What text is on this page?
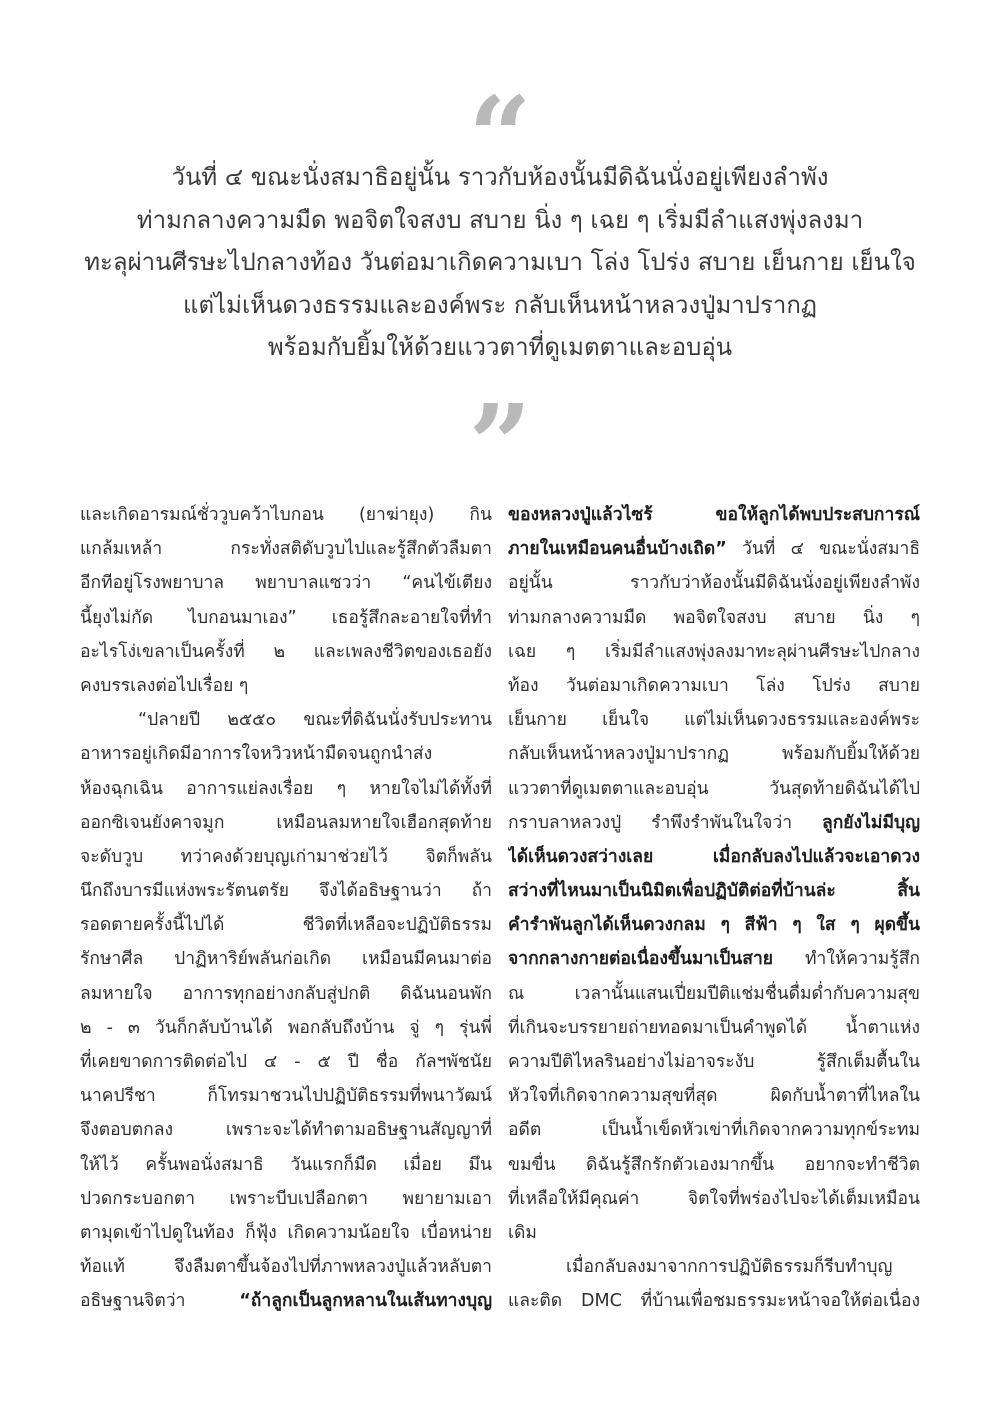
“
วันที่ ๔ ขณะนั่งสมาธิอยู่นั้น ราวกับห้องนั้นมีดิฉันนั่งอยู่เพียงลำพัง
ท่ามกลางความมืด พอจิตใจสงบ สบาย นิ่ง ๆ เฉย ๆ เริ่มมีลำแสงพุ่งลงมา
ทะลุผ่านศีรษะไปกลางท้อง วันต่อมาเกิดความเบา โล่ง โปร่ง สบาย เย็นกาย เย็นใจ
แต่ไม่เห็นดวงธรรมและองค์พระ กลับเห็นหน้าหลวงปู่มาปรากฏ
พร้อมกับยิ้มให้ด้วยแววตาที่ดูเมตตาและอบอุ่น
”
และเกิดอารมณ์ชั่ววูบคว้าไบกอน (ยาฆ่ายุง) กิน
แกล้มเหล้า กระทั่งสติดับวูบไปและรู้สึกตัวลืมตา
อีกทีอยู่โรงพยาบาล พยาบาลแซวว่า “คนไข้เตียง
นี้ยุงไม่กัด ไบกอนมาเอง” เธอรู้สึกละอายใจที่ทำ
อะไรโง่เขลาเป็นครั้งที่ ๒ และเพลงชีวิตของเธอยัง
คงบรรเลงต่อไปเรื่อย ๆ
“ปลายปี ๒๕๕๐ ขณะที่ดิฉันนั่งรับประทาน
อาหารอยู่เกิดมีอาการใจหวิวหน้ามืดจนถูกนำส่ง
ห้องฉุกเฉิน อาการแย่ลงเรื่อย ๆ หายใจไม่ได้ทั้งที่
ออกซิเจนยังคาจมูก เหมือนลมหายใจเฮือกสุดท้าย
จะดับวูบ ทว่าคงด้วยบุญเก่ามาช่วยไว้ จิตก็พลัน
นึกถึงบารมีแห่งพระรัตนตรัย จึงได้อธิษฐานว่า ถ้า
รอดตายครั้งนี้ไปได้ ชีวิตที่เหลือจะปฏิบัติธรรม
รักษาศีล ปาฏิหาริย์พลันก่อเกิด เหมือนมีคนมาต่อ
ลมหายใจ อาการทุกอย่างกลับสู่ปกติ ดิฉันนอนพัก
๒ - ๓ วันก็กลับบ้านได้ พอกลับถึงบ้าน จู่ ๆ รุ่นพี่
ที่เคยขาดการติดต่อไป ๔ - ๕ ปี ชื่อ กัลฯพัชนัย
นาคปรีชา ก็โทรมาชวนไปปฏิบัติธรรมที่พนาวัฒน์
จึงตอบตกลง เพราะจะได้ทำตามอธิษฐานสัญญาที่
ให้ไว้ ครั้นพอนั่งสมาธิ วันแรกก็มืด เมื่อย มึน
ปวดกระบอกตา เพราะบีบเปลือกตา พยายามเอา
ตามุดเข้าไปดูในท้อง ก็ฟุ้ง เกิดความน้อยใจ เบื่อหน่าย
ท้อแท้ จึงลืมตาขึ้นจ้องไปที่ภาพหลวงปู่แล้วหลับตา
อธิษฐานจิตว่า “ถ้าลูกเป็นลูกหลานในเส้นทางบุญ
ของหลวงปู่แล้วไซร้ ขอให้ลูกได้พบประสบการณ์
ภายในเหมือนคนอื่นบ้างเถิด” วันที่ ๔ ขณะนั่งสมาธิ
อยู่นั้น ราวกับว่าห้องนั้นมีดิฉันนั่งอยู่เพียงลำพัง
ท่ามกลางความมืด พอจิตใจสงบ สบาย นิ่ง ๆ
เฉย ๆ เริ่มมีลำแสงพุ่งลงมาทะลุผ่านศีรษะไปกลาง
ท้อง วันต่อมาเกิดความเบา โล่ง โปร่ง สบาย
เย็นกาย เย็นใจ แต่ไม่เห็นดวงธรรมและองค์พระ
กลับเห็นหน้าหลวงปู่มาปรากฏ พร้อมกับยิ้มให้ด้วย
แววตาที่ดูเมตตาและอบอุ่น วันสุดท้ายดิฉันได้ไป
กราบลาหลวงปู่ รำพึงรำพันในใจว่า ลูกยังไม่มีบุญ
ได้เห็นดวงสว่างเลย เมื่อกลับลงไปแล้วจะเอาดวง
สว่างที่ไหนมาเป็นนิมิตเพื่อปฏิบัติต่อที่บ้านล่ะ สิ้น
คำรำพันลูกได้เห็นดวงกลม ๆ สีฟ้า ๆ ใส ๆ ผุดขึ้น
จากกลางกายต่อเนื่องขึ้นมาเป็นสาย ทำให้ความรู้สึก
ณ เวลานั้นแสนเปี่ยมปีติแช่มชื่นดื่มด่ำกับความสุข
ที่เกินจะบรรยายถ่ายทอดมาเป็นคำพูดได้ น้ำตาแห่ง
ความปีติไหลรินอย่างไม่อาจระงับ รู้สึกเต็มตื้นใน
หัวใจที่เกิดจากความสุขที่สุด ผิดกับน้ำตาที่ไหลใน
อดีต เป็นน้ำเข็ดหัวเข่าที่เกิดจากความทุกข์ระทม
ขมขื่น ดิฉันรู้สึกรักตัวเองมากขึ้น อยากจะทำชีวิต
ที่เหลือให้มีคุณค่า จิตใจที่พร่องไปจะได้เต็มเหมือน
เดิม
เมื่อกลับลงมาจากการปฏิบัติธรรมก็รีบทำบุญ
และติด DMC ที่บ้านเพื่อชมธรรมะหน้าจอให้ต่อเนื่อง
